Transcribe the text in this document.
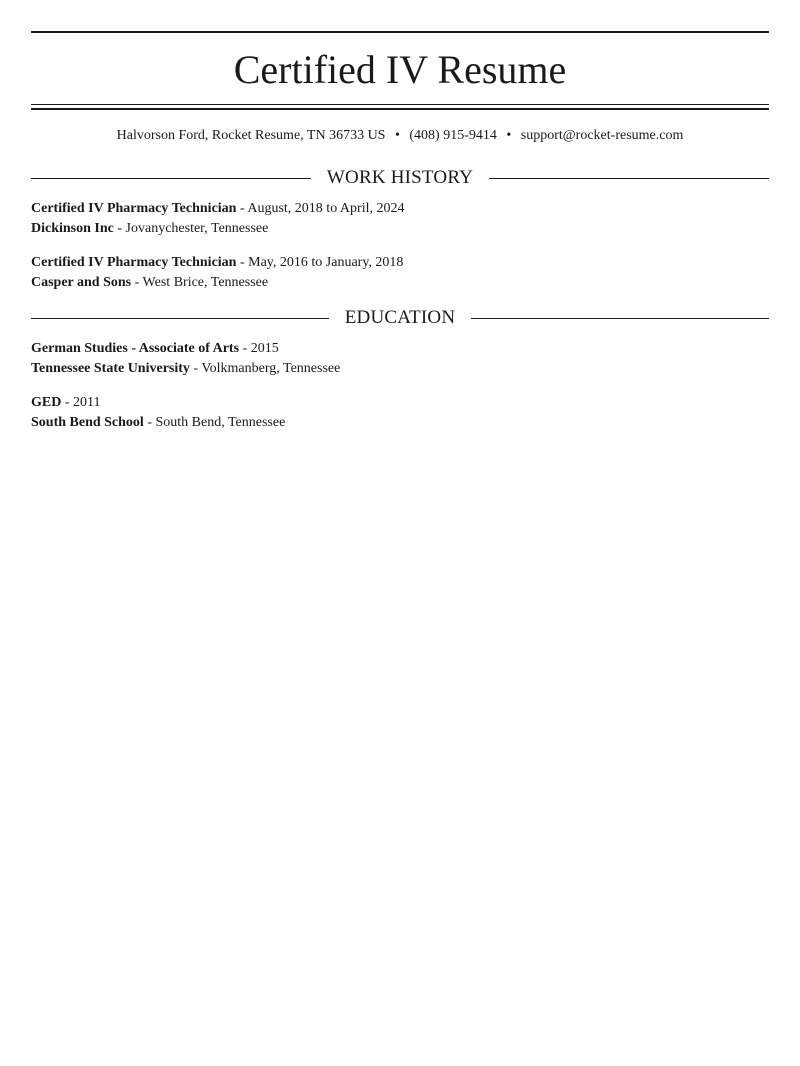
Certified IV Resume
Halvorson Ford, Rocket Resume, TN 36733 US • (408) 915-9414 • support@rocket-resume.com
WORK HISTORY
Certified IV Pharmacy Technician - August, 2018 to April, 2024
Dickinson Inc - Jovanychester, Tennessee
Certified IV Pharmacy Technician - May, 2016 to January, 2018
Casper and Sons - West Brice, Tennessee
EDUCATION
German Studies - Associate of Arts - 2015
Tennessee State University - Volkmanberg, Tennessee
GED - 2011
South Bend School - South Bend, Tennessee
